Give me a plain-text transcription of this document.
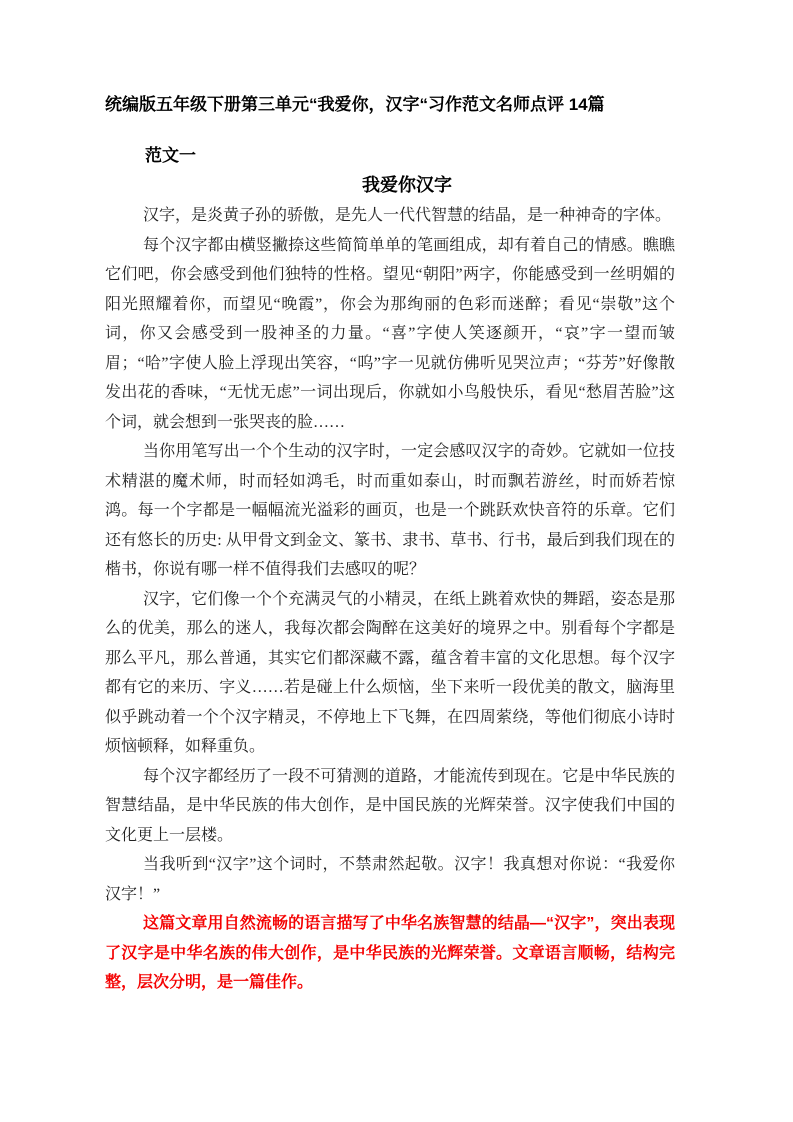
统编版五年级下册第三单元“我爱你，汉字“习作范文名师点评 14篇
范文一
我爱你汉字

汉字，是炎黄子孙的骄傲，是先人一代代智慧的结晶，是一种神奇的字体。

每个汉字都由横竖撇捺这些简简单单的笔画组成，却有着自己的情感。瞧瞧它们吧，你会感受到他们独特的性格。望见“朝阳”两字，你能感受到一丝明媚的阳光照耀着你，而望见“晚霞”，你会为那绚丽的色彩而迷醉；看见“崇敬”这个词，你又会感受到一股神圣的力量。“喜”字使人笑逐颜开，“哀”字一望而皱眉；“哈”字使人脸上浮现出笑容，“呜”字一见就仿佛听见哭泣声；“芬芳”好像散发出花的香味，“无忧无虑”一词出现后，你就如小鸟般快乐，看见“愁眉苦脸”这个词，就会想到一张哭丧的脸……

当你用笔写出一个个生动的汉字时，一定会感叹汉字的奇妙。它就如一位技术精湛的魔术师，时而轻如鸿毛，时而重如泰山，时而飘若游丝，时而娇若惊鸿。每一个字都是一幅幅流光溢彩的画页，也是一个跳跃欢快音符的乐章。它们还有悠长的历史: 从甲骨文到金文、篆书、隶书、草书、行书，最后到我们现在的楷书，你说有哪一样不值得我们去感叹的呢？

汉字，它们像一个个充满灵气的小精灵，在纸上跳着欢快的舞蹈，姿态是那么的优美，那么的迷人，我每次都会陶醉在这美好的境界之中。别看每个字都是那么平凡，那么普通，其实它们都深藏不露，蕴含着丰富的文化思想。每个汉字都有它的来历、字义……若是碰上什么烦恼，坐下来听一段优美的散文，脑海里似乎跳动着一个个汉字精灵，不停地上下飞舞，在四周萦绕，等他们彻底小诗时烦恼顿释，如释重负。

每个汉字都经历了一段不可猜测的道路，才能流传到现在。它是中华民族的智慧结晶，是中华民族的伟大创作，是中国民族的光辉荣誉。汉字使我们中国的文化更上一层楼。

当我听到“汉字”这个词时，不禁肃然起敬。汉字！我真想对你说：“我爱你汉字！”

这篇文章用自然流畅的语言描写了中华名族智慧的结晶—“汉字”，突出表现了汉字是中华名族的伟大创作，是中华民族的光辉荣誉。文章语言顺畅，结构完整，层次分明，是一篇佳作。
